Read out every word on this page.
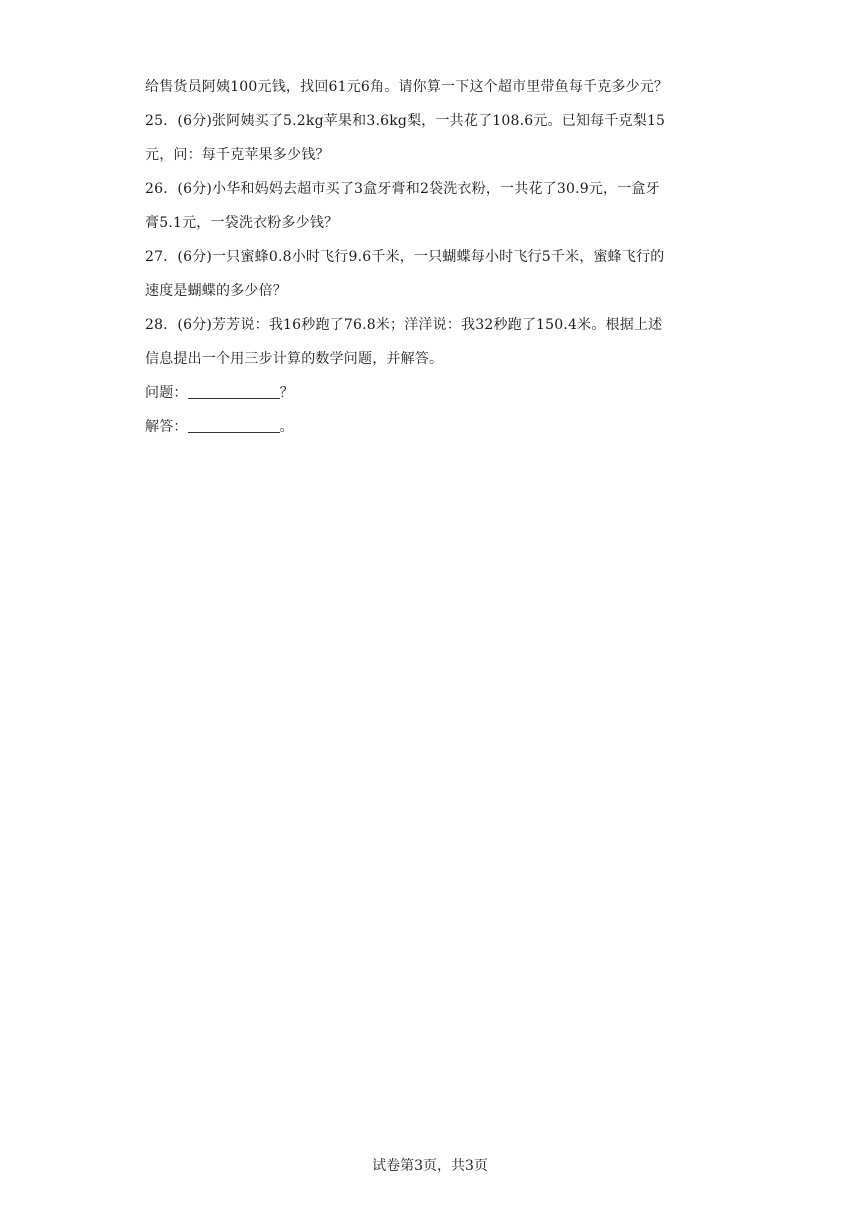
给售货员阿姨100元钱，找回61元6角。请你算一下这个超市里带鱼每千克多少元？
25．(6分)张阿姨买了5.2kg苹果和3.6kg梨，一共花了108.6元。已知每千克梨15
元，问：每千克苹果多少钱？
26．(6分)小华和妈妈去超市买了3盒牙膏和2袋洗衣粉，一共花了30.9元，一盒牙
膏5.1元，一袋洗衣粉多少钱？
27．(6分)一只蜜蜂0.8小时飞行9.6千米，一只蝴蝶每小时飞行5千米，蜜蜂飞行的
速度是蝴蝶的多少倍？
28．(6分)芳芳说：我16秒跑了76.8米；洋洋说：我32秒跑了150.4米。根据上述
信息提出一个用三步计算的数学问题，并解答。
问题：	？
解答：	。
试卷第3页，共3页
